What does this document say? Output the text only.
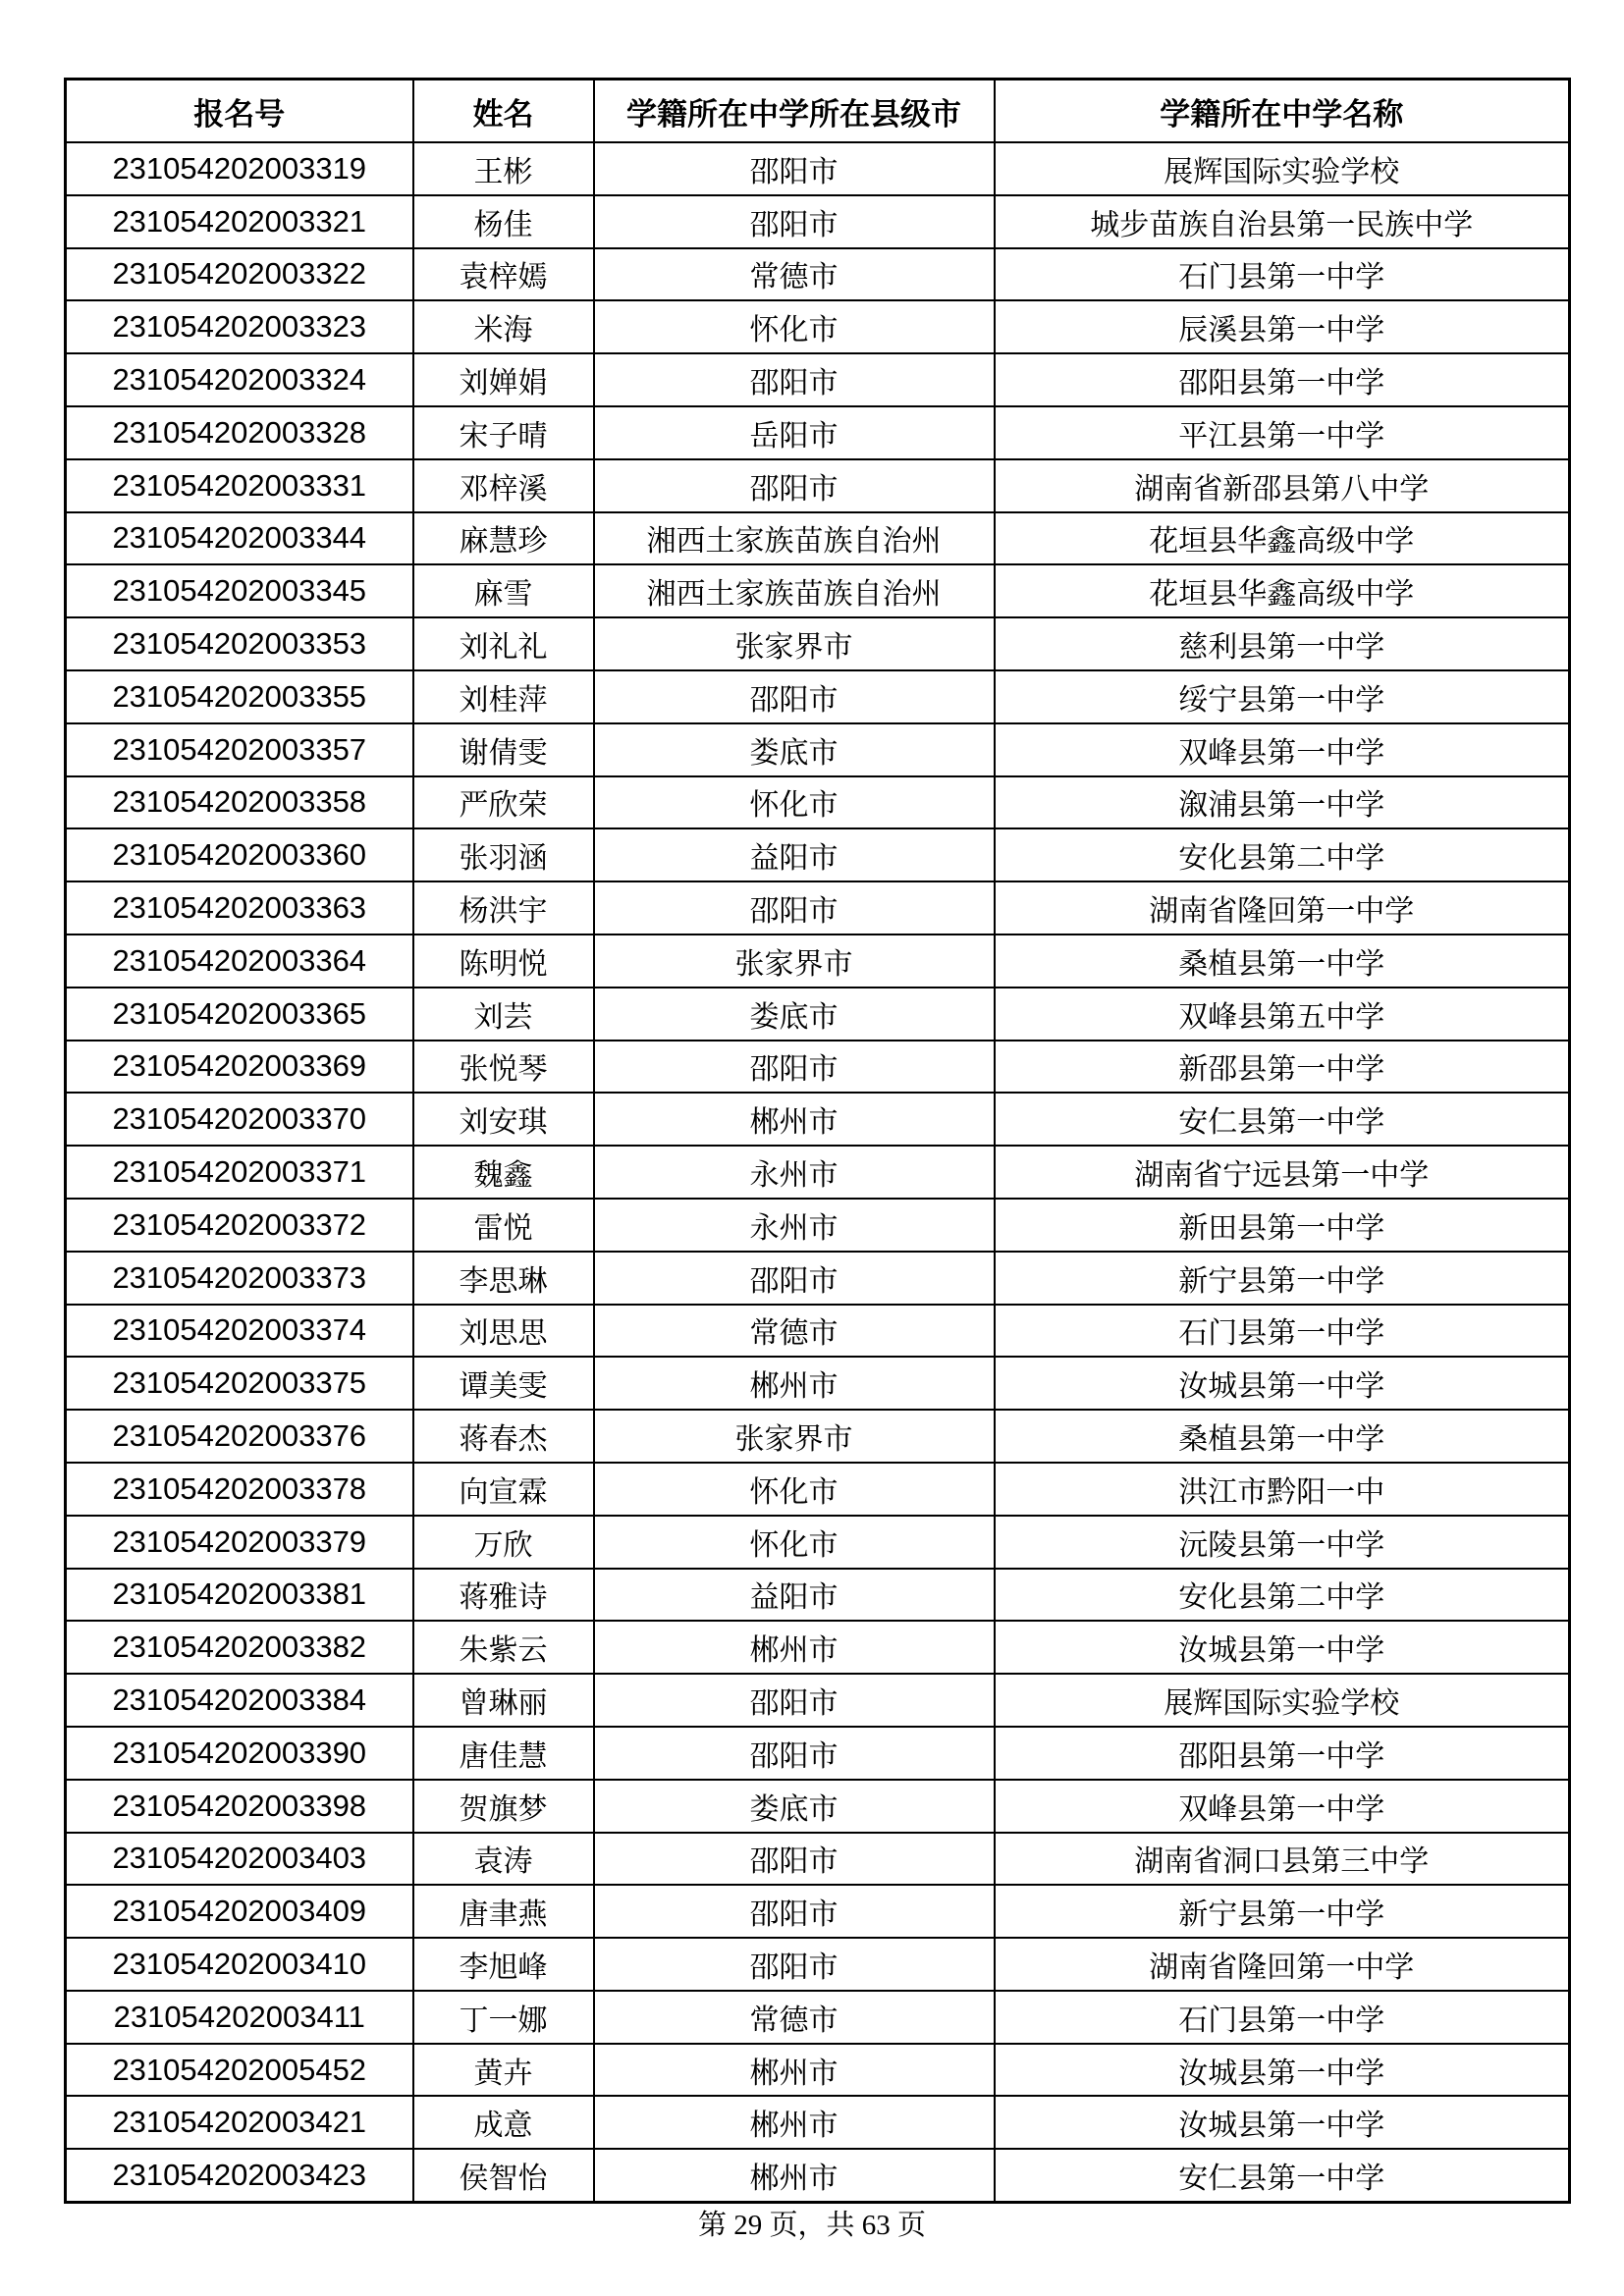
报名号	姓名	学籍所在中学所在县级市	学籍所在中学名称
231054202003319	王彬	邵阳市	展辉国际实验学校
231054202003321	杨佳	邵阳市	城步苗族自治县第一民族中学
231054202003322	袁梓嫣	常德市	石门县第一中学
231054202003323	米海	怀化市	辰溪县第一中学
231054202003324	刘婵娟	邵阳市	邵阳县第一中学
231054202003328	宋子晴	岳阳市	平江县第一中学
231054202003331	邓梓溪	邵阳市	湖南省新邵县第八中学
231054202003344	麻慧珍	湘西土家族苗族自治州	花垣县华鑫高级中学
231054202003345	麻雪	湘西土家族苗族自治州	花垣县华鑫高级中学
231054202003353	刘礼礼	张家界市	慈利县第一中学
231054202003355	刘桂萍	邵阳市	绥宁县第一中学
231054202003357	谢倩雯	娄底市	双峰县第一中学
231054202003358	严欣荣	怀化市	溆浦县第一中学
231054202003360	张羽涵	益阳市	安化县第二中学
231054202003363	杨洪宇	邵阳市	湖南省隆回第一中学
231054202003364	陈明悦	张家界市	桑植县第一中学
231054202003365	刘芸	娄底市	双峰县第五中学
231054202003369	张悦琴	邵阳市	新邵县第一中学
231054202003370	刘安琪	郴州市	安仁县第一中学
231054202003371	魏鑫	永州市	湖南省宁远县第一中学
231054202003372	雷悦	永州市	新田县第一中学
231054202003373	李思琳	邵阳市	新宁县第一中学
231054202003374	刘思思	常德市	石门县第一中学
231054202003375	谭美雯	郴州市	汝城县第一中学
231054202003376	蒋春杰	张家界市	桑植县第一中学
231054202003378	向宣霖	怀化市	洪江市黔阳一中
231054202003379	万欣	怀化市	沅陵县第一中学
231054202003381	蒋雅诗	益阳市	安化县第二中学
231054202003382	朱紫云	郴州市	汝城县第一中学
231054202003384	曾琳丽	邵阳市	展辉国际实验学校
231054202003390	唐佳慧	邵阳市	邵阳县第一中学
231054202003398	贺旗梦	娄底市	双峰县第一中学
231054202003403	袁涛	邵阳市	湖南省洞口县第三中学
231054202003409	唐聿燕	邵阳市	新宁县第一中学
231054202003410	李旭峰	邵阳市	湖南省隆回第一中学
231054202003411	丁一娜	常德市	石门县第一中学
231054202005452	黄卉	郴州市	汝城县第一中学
231054202003421	成意	郴州市	汝城县第一中学
231054202003423	侯智怡	郴州市	安仁县第一中学
第 29 页，共 63 页
